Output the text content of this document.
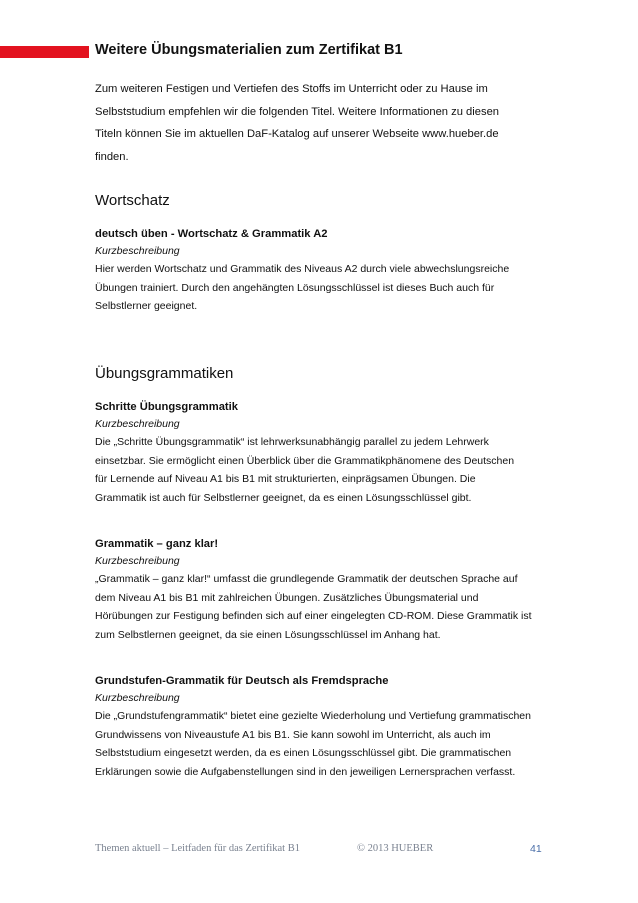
Weitere Übungsmaterialien zum Zertifikat B1
Zum weiteren Festigen und Vertiefen des Stoffs im Unterricht oder zu Hause im
Selbststudium empfehlen wir die folgenden Titel. Weitere Informationen zu diesen
Titeln können Sie im aktuellen DaF-Katalog auf unserer Webseite www.hueber.de
finden.
Wortschatz
deutsch üben - Wortschatz & Grammatik A2
Kurzbeschreibung
Hier werden Wortschatz und Grammatik des Niveaus A2 durch viele abwechslungsreiche
Übungen trainiert. Durch den angehängten Lösungsschlüssel ist dieses Buch auch für
Selbstlerner geeignet.
Übungsgrammatiken
Schritte Übungsgrammatik
Kurzbeschreibung
Die „Schritte Übungsgrammatik“ ist lehrwerksunabhängig parallel zu jedem Lehrwerk
einsetzbar. Sie ermöglicht einen Überblick über die Grammatikphänomene des Deutschen
für Lernende auf Niveau A1 bis B1 mit strukturierten, einprägsamen Übungen. Die
Grammatik ist auch für Selbstlerner geeignet, da es einen Lösungsschlüssel gibt.
Grammatik – ganz klar!
Kurzbeschreibung
„Grammatik – ganz klar!“ umfasst die grundlegende Grammatik der deutschen Sprache auf
dem Niveau A1 bis B1 mit zahlreichen Übungen. Zusätzliches Übungsmaterial und
Hörübungen zur Festigung befinden sich auf einer eingelegten CD-ROM. Diese Grammatik ist
zum Selbstlernen geeignet, da sie einen Lösungsschlüssel im Anhang hat.
Grundstufen-Grammatik für Deutsch als Fremdsprache
Kurzbeschreibung
Die „Grundstufengrammatik“ bietet eine gezielte Wiederholung und Vertiefung grammatischen
Grundwissens von Niveaustufe A1 bis B1. Sie kann sowohl im Unterricht, als auch im
Selbststudium eingesetzt werden, da es einen Lösungsschlüssel gibt. Die grammatischen
Erklärungen sowie die Aufgabenstellungen sind in den jeweiligen Lernersprachen verfasst.
Themen aktuell – Leitfaden für das Zertifikat B1	© 2013 HUEBER	41
